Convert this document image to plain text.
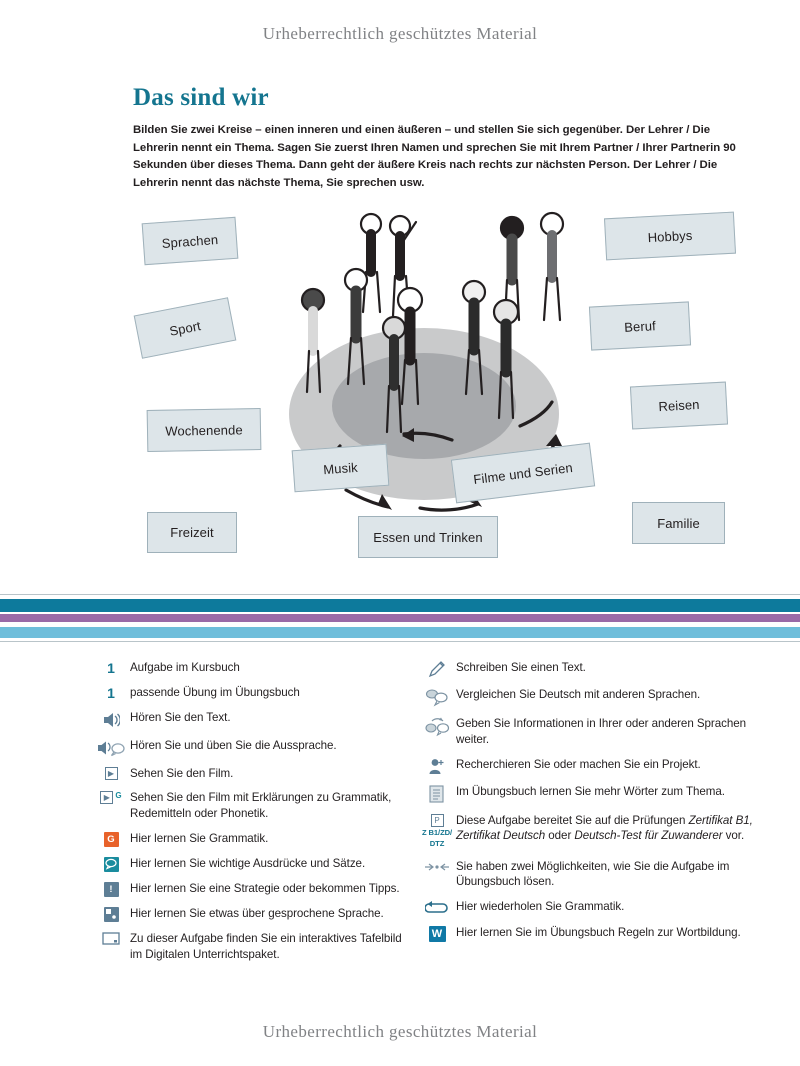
Urheberrechtlich geschütztes Material
Das sind wir
Bilden Sie zwei Kreise – einen inneren und einen äußeren – und stellen Sie sich gegenüber. Der Lehrer / Die Lehrerin nennt ein Thema. Sagen Sie zuerst Ihren Namen und sprechen Sie mit Ihrem Partner / Ihrer Partnerin 90 Sekunden über dieses Thema. Dann geht der äußere Kreis nach rechts zur nächsten Person. Der Lehrer / Die Lehrerin nennt das nächste Thema, Sie sprechen usw.
Sprachen
Sport
Wochenende
Freizeit
Musik
Essen und Trinken
Filme und Serien
Hobbys
Beruf
Reisen
Familie
1 Aufgabe im Kursbuch
1 passende Übung im Übungsbuch
Hören Sie den Text.
Hören Sie und üben Sie die Aussprache.
▶ Sehen Sie den Film.
▶ G Sehen Sie den Film mit Erklärungen zu Grammatik, Redemitteln oder Phonetik.
G	Hier lernen Sie Grammatik.
Hier lernen Sie wichtige Ausdrücke und Sätze.
!	Hier lernen Sie eine Strategie oder bekommen Tipps.
Hier lernen Sie etwas über gesprochene Sprache.
Zu dieser Aufgabe finden Sie ein interaktives Tafelbild im Digitalen Unterrichtspaket.
Schreiben Sie einen Text.
Vergleichen Sie Deutsch mit anderen Sprachen.
Geben Sie Informationen in Ihrer oder anderen Sprachen weiter.
Recherchieren Sie oder machen Sie ein Projekt.
Im Übungsbuch lernen Sie mehr Wörter zum Thema.
P
Z B1/ZD/
DTZ
Diese Aufgabe bereitet Sie auf die Prüfungen Zertifikat B1, Zertifikat Deutsch oder Deutsch-Test für Zuwanderer vor.
Sie haben zwei Möglichkeiten, wie Sie die Aufgabe im Übungsbuch lösen.
Hier wiederholen Sie Grammatik.
W Hier lernen Sie im Übungsbuch Regeln zur Wortbildung.
Urheberrechtlich geschütztes Material
